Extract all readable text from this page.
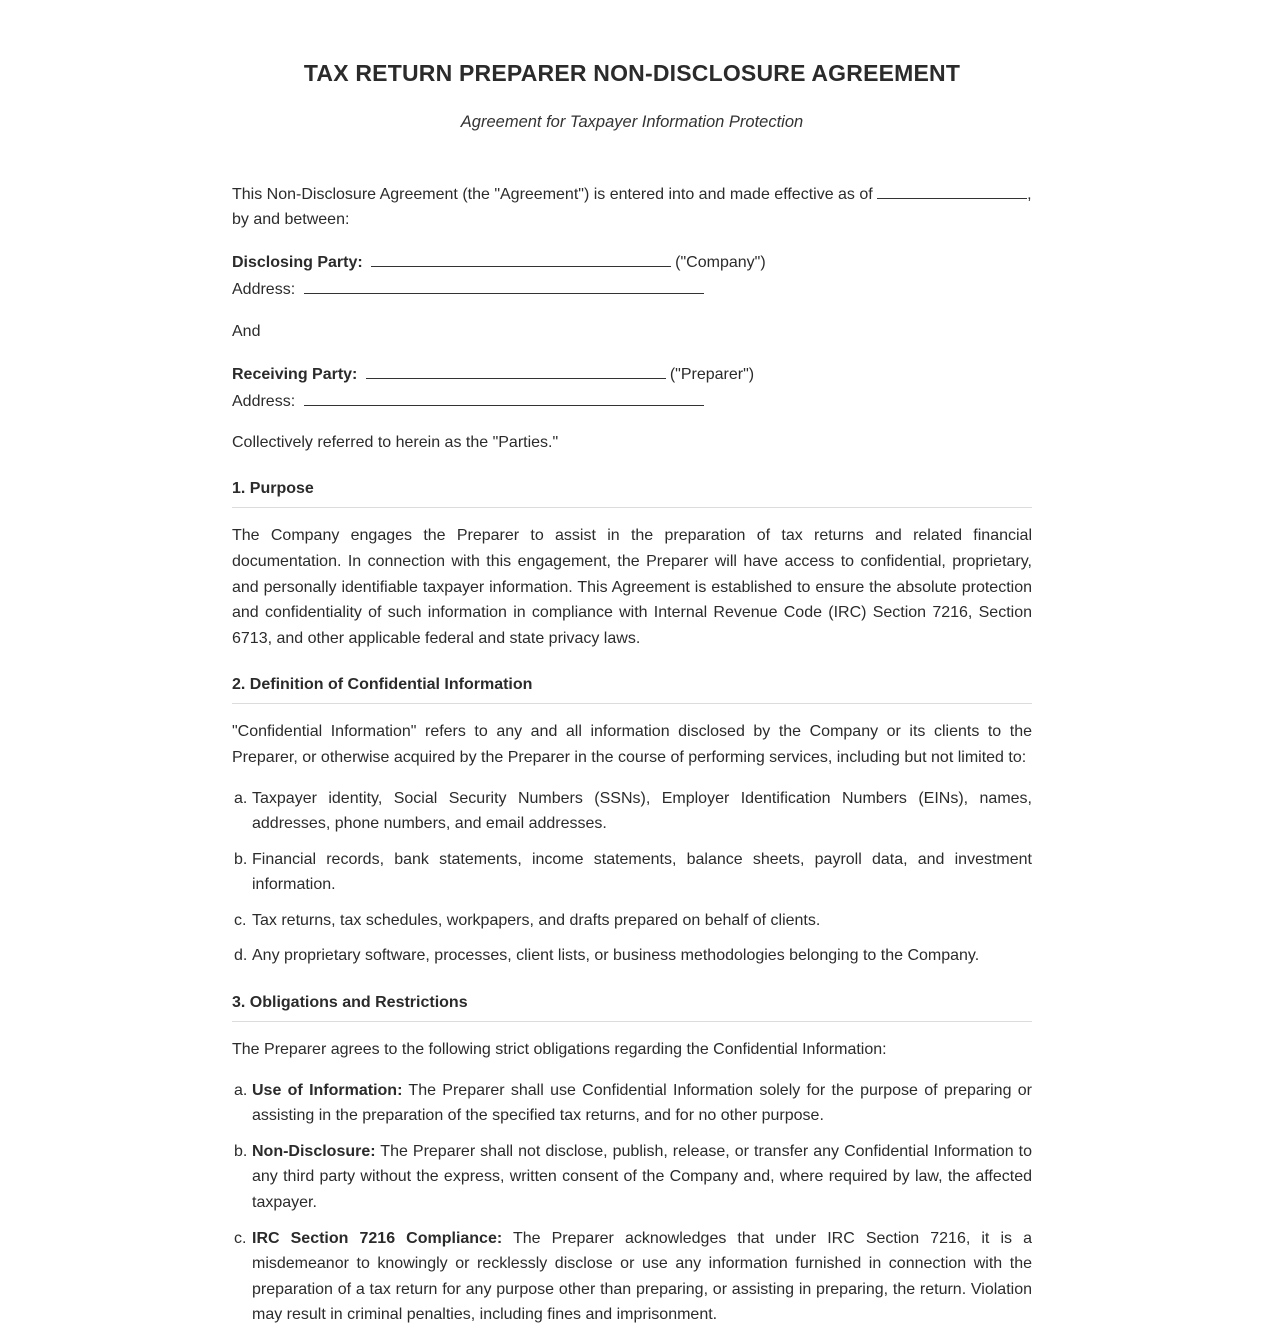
TAX RETURN PREPARER NON-DISCLOSURE AGREEMENT

Agreement for Taxpayer Information Protection

This Non-Disclosure Agreement (the "Agreement") is entered into and made effective as of	,
by and between:

Disclosing Party:	("Company")
Address:

And

Receiving Party:	("Preparer")
Address:

Collectively referred to herein as the "Parties."

1. Purpose

The Company engages the Preparer to assist in the preparation of tax returns and related financial documentation. In connection with this engagement, the Preparer will have access to confidential, proprietary, and personally identifiable taxpayer information. This Agreement is established to ensure the absolute protection and confidentiality of such information in compliance with Internal Revenue Code (IRC) Section 7216, Section 6713, and other applicable federal and state privacy laws.

2. Definition of Confidential Information

"Confidential Information" refers to any and all information disclosed by the Company or its clients to the Preparer, or otherwise acquired by the Preparer in the course of performing services, including but not limited to:

a. Taxpayer identity, Social Security Numbers (SSNs), Employer Identification Numbers (EINs), names, addresses, phone numbers, and email addresses.
b. Financial records, bank statements, income statements, balance sheets, payroll data, and investment information.
c. Tax returns, tax schedules, workpapers, and drafts prepared on behalf of clients.
d. Any proprietary software, processes, client lists, or business methodologies belonging to the Company.
3. Obligations and Restrictions

The Preparer agrees to the following strict obligations regarding the Confidential Information:

a. Use of Information: The Preparer shall use Confidential Information solely for the purpose of preparing or assisting in the preparation of the specified tax returns, and for no other purpose.
b. Non-Disclosure: The Preparer shall not disclose, publish, release, or transfer any Confidential Information to any third party without the express, written consent of the Company and, where required by law, the affected taxpayer.
c. IRC Section 7216 Compliance: The Preparer acknowledges that under IRC Section 7216, it is a misdemeanor to knowingly or recklessly disclose or use any information furnished in connection with the preparation of a tax return for any purpose other than preparing, or assisting in preparing, the return. Violation may result in criminal penalties, including fines and imprisonment.
